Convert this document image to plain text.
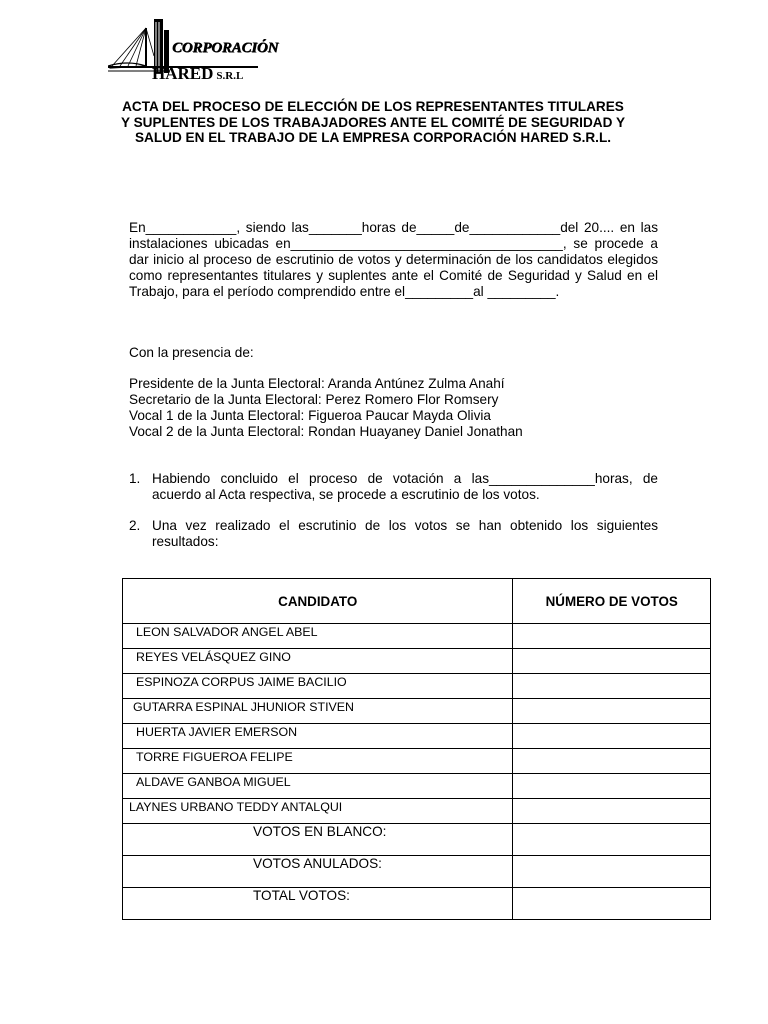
CORPORACIÓN
HARED S.R.L
ACTA DEL PROCESO DE ELECCIÓN DE LOS REPRESENTANTES TITULARES Y SUPLENTES DE LOS TRABAJADORES ANTE EL COMITÉ DE SEGURIDAD Y SALUD EN EL TRABAJO DE LA EMPRESA CORPORACIÓN HARED S.R.L.
En____________, siendo las_______horas de_____de____________del 20.... en las instalaciones ubicadas en____________________________________, se procede a dar inicio al proceso de escrutinio de votos y determinación de los candidatos elegidos como representantes titulares y suplentes ante el Comité de Seguridad y Salud en el Trabajo, para el período comprendido entre el_________al _________.
Con la presencia de:
Presidente de la Junta Electoral: Aranda Antúnez Zulma Anahí
Secretario de la Junta Electoral: Perez Romero Flor Romsery
Vocal 1 de la Junta Electoral: Figueroa Paucar Mayda Olivia
Vocal 2 de la Junta Electoral: Rondan Huayaney Daniel Jonathan
1. Habiendo concluido el proceso de votación a las______________horas, de acuerdo al Acta respectiva, se procede a escrutinio de los votos.
2. Una vez realizado el escrutinio de los votos se han obtenido los siguientes resultados:
CANDIDATO	NÚMERO DE VOTOS

LEON SALVADOR ANGEL ABEL	

REYES VELÁSQUEZ GINO	

ESPINOZA CORPUS JAIME BACILIO	

GUTARRA ESPINAL JHUNIOR STIVEN	

HUERTA JAVIER EMERSON	

TORRE FIGUEROA FELIPE	

ALDAVE GANBOA MIGUEL	

LAYNES URBANO TEDDY ANTALQUI	

VOTOS EN BLANCO:	

VOTOS ANULADOS:	

TOTAL VOTOS:	
